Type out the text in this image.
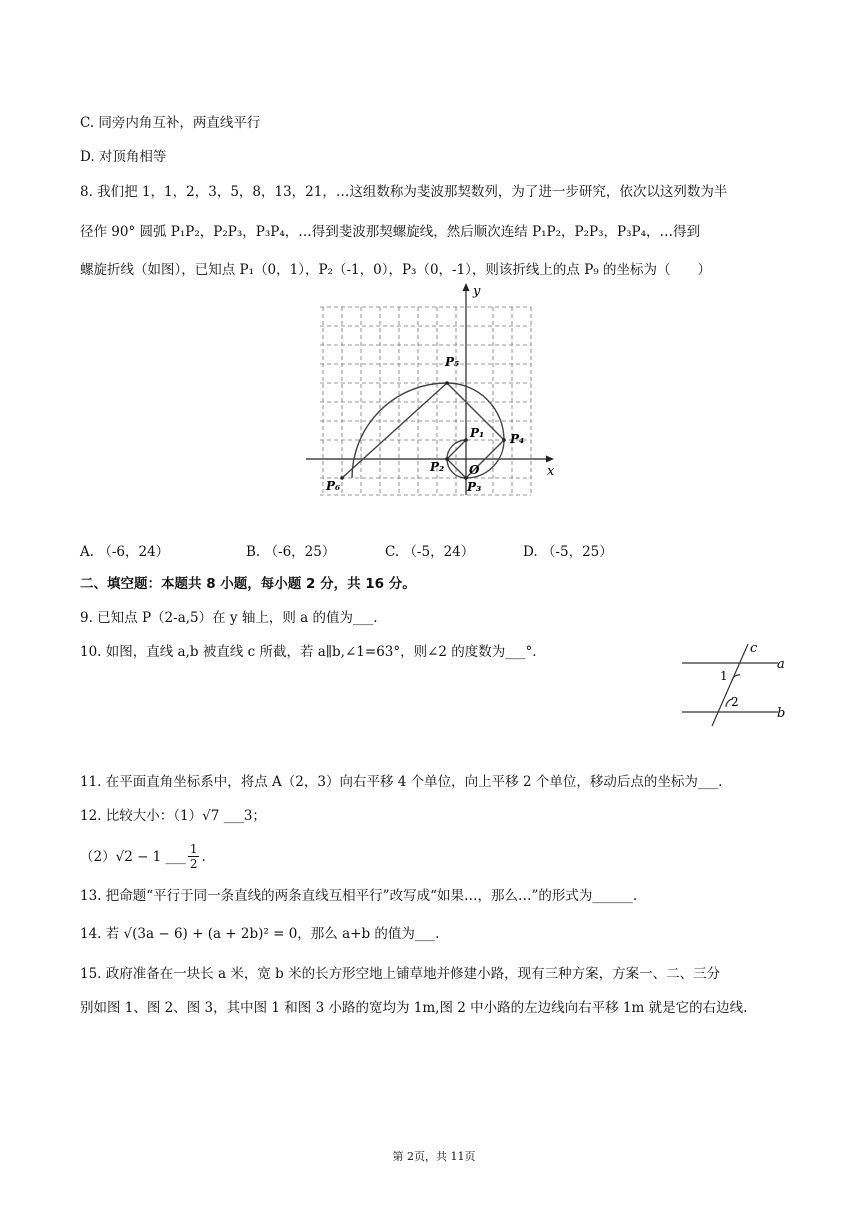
C. 同旁内角互补，两直线平行
D. 对顶角相等
8. 我们把 1，1，2，3，5，8，13，21，…这组数称为斐波那契数列，为了进一步研究，依次以这列数为半
径作 90° 圆弧 P₁P₂，P₂P₃，P₃P₄，…得到斐波那契螺旋线，然后顺次连结 P₁P₂，P₂P₃，P₃P₄，…得到
螺旋折线（如图），已知点 P₁（0，1），P₂（-1，0），P₃（0，-1），则该折线上的点 P₉ 的坐标为（　　）
x
y
P₁
P₂
P₃
P₄
P₅
P₆
O
A. （-6，24）	B. （-6，25）	C. （-5，24）	D. （-5，25）
二、填空题：本题共 8 小题，每小题 2 分，共 16 分。
9. 已知点 P（2-a,5）在 y 轴上，则 a 的值为___.
10. 如图，直线 a,b 被直线 c 所截，若 a∥b,∠1=63°，则∠2 的度数为___°.	c
a
b
1
2
11. 在平面直角坐标系中，将点 A（2，3）向右平移 4 个单位，向上平移 2 个单位，移动后点的坐标为___.
12. 比较大小：（1）√7 ___3；
（2）√2 − 1 ___ $\frac{1}{2}$ .
13. 把命题“平行于同一条直线的两条直线互相平行”改写成“如果…，那么…”的形式为______.
14. 若 √(3a − 6) + (a + 2b)² = 0，那么 a+b 的值为___.
15. 政府准备在一块长 a 米，宽 b 米的长方形空地上铺草地并修建小路，现有三种方案，方案一、二、三分
别如图 1、图 2、图 3，其中图 1 和图 3 小路的宽均为 1m,图 2 中小路的左边线向右平移 1m 就是它的右边线.
第 2页，共 11页
